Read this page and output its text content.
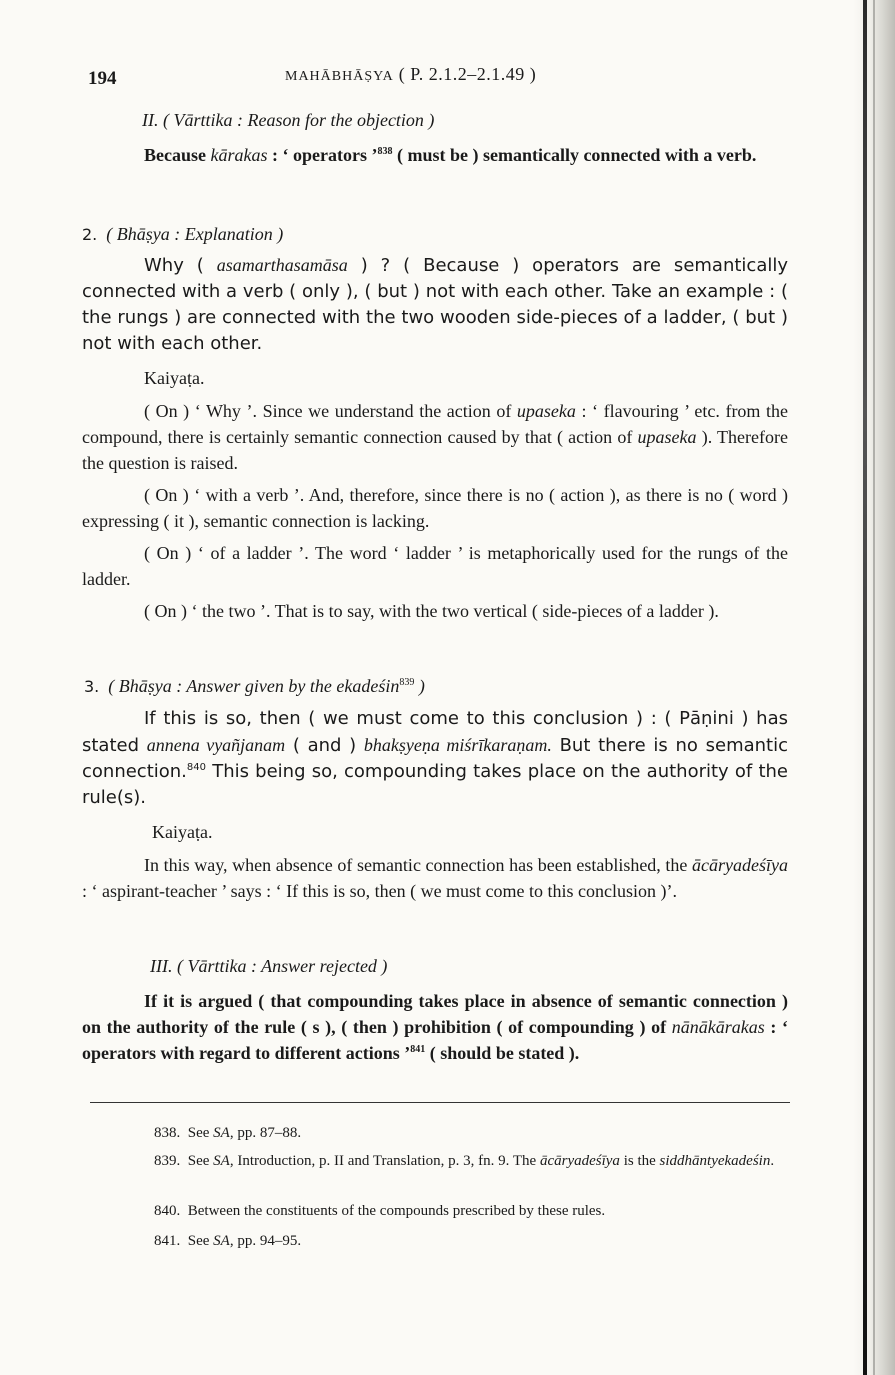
194	MAHĀBHĀṢYA ( P. 2.1.2–2.1.49 )
II. ( Vārttika : Reason for the objection )
Because kārakas : ‘ operators ’$^{838}$ ( must be ) semantically connected with a verb.
2. ( Bhāṣya : Explanation )
Why ( asamarthasamāsa ) ? ( Because ) operators are semantically connected with a verb ( only ), ( but ) not with each other. Take an example : ( the rungs ) are connected with the two wooden side-pieces of a ladder, ( but ) not with each other.
Kaiyaṭa.
( On ) ‘ Why ’. Since we understand the action of upaseka : ‘ flavouring ’ etc. from the compound, there is certainly semantic connection caused by that ( action of upaseka ). Therefore the question is raised.
( On ) ‘ with a verb ’. And, therefore, since there is no ( action ), as there is no ( word ) expressing ( it ), semantic connection is lacking.
( On ) ‘ of a ladder ’. The word ‘ ladder ’ is metaphorically used for the rungs of the ladder.
( On ) ‘ the two ’. That is to say, with the two vertical ( side-pieces of a ladder ).
3. ( Bhāṣya : Answer given by the ekadeśin$^{839}$ )
If this is so, then ( we must come to this conclusion ) : ( Pāṇini ) has stated annena vyañjanam ( and ) bhakṣyeṇa miśrīkaraṇam. But there is no semantic connection.$^{840}$ This being so, compounding takes place on the authority of the rule(s).
Kaiyaṭa.
In this way, when absence of semantic connection has been established, the ācāryadeśīya : ‘ aspirant-teacher ’ says : ‘ If this is so, then ( we must come to this conclusion )’.
III. ( Vārttika : Answer rejected )
If it is argued ( that compounding takes place in absence of semantic connection ) on the authority of the rule ( s ), ( then ) prohibition ( of compounding ) of nānākārakas : ‘ operators with regard to different actions ’$^{841}$ ( should be stated ).
838. See SA, pp. 87–88.
839. See SA, Introduction, p. II and Translation, p. 3, fn. 9. The ācāryadeśīya is the siddhāntyekadeśin.
840. Between the constituents of the compounds prescribed by these rules.
841. See SA, pp. 94–95.
